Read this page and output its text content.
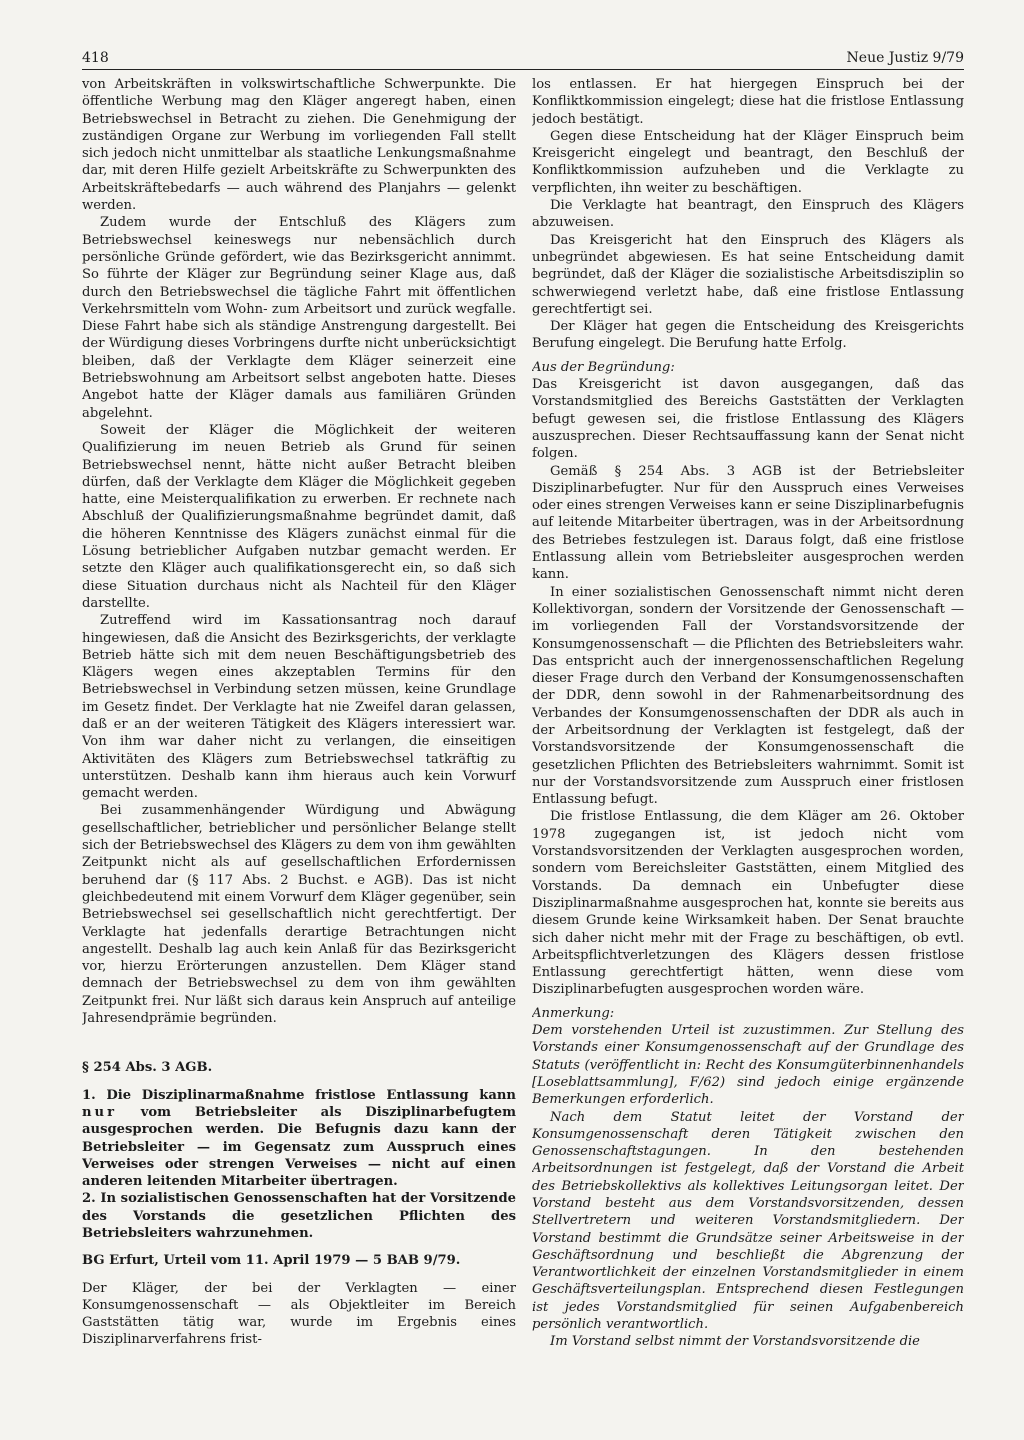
418	Neue Justiz 9/79

von Arbeitskräften in volkswirtschaftliche Schwerpunkte. Die öffentliche Werbung mag den Kläger angeregt haben, einen Betriebswechsel in Betracht zu ziehen. Die Genehmigung der zuständigen Organe zur Werbung im vorliegenden Fall stellt sich jedoch nicht unmittelbar als staatliche Lenkungsmaßnahme dar, mit deren Hilfe gezielt Arbeitskräfte zu Schwerpunkten des Arbeitskräftebedarfs — auch während des Planjahrs — gelenkt werden.

Zudem wurde der Entschluß des Klägers zum Betriebswechsel keineswegs nur nebensächlich durch persönliche Gründe gefördert, wie das Bezirksgericht annimmt. So führte der Kläger zur Begründung seiner Klage aus, daß durch den Betriebswechsel die tägliche Fahrt mit öffentlichen Verkehrsmitteln vom Wohn- zum Arbeitsort und zurück wegfalle. Diese Fahrt habe sich als ständige Anstrengung dargestellt. Bei der Würdigung dieses Vorbringens durfte nicht unberücksichtigt bleiben, daß der Verklagte dem Kläger seinerzeit eine Betriebswohnung am Arbeitsort selbst angeboten hatte. Dieses Angebot hatte der Kläger damals aus familiären Gründen abgelehnt.

Soweit der Kläger die Möglichkeit der weiteren Qualifizierung im neuen Betrieb als Grund für seinen Betriebswechsel nennt, hätte nicht außer Betracht bleiben dürfen, daß der Verklagte dem Kläger die Möglichkeit gegeben hatte, eine Meisterqualifikation zu erwerben. Er rechnete nach Abschluß der Qualifizierungsmaßnahme begründet damit, daß die höheren Kenntnisse des Klägers zunächst einmal für die Lösung betrieblicher Aufgaben nutzbar gemacht werden. Er setzte den Kläger auch qualifikationsgerecht ein, so daß sich diese Situation durchaus nicht als Nachteil für den Kläger darstellte.

Zutreffend wird im Kassationsantrag noch darauf hingewiesen, daß die Ansicht des Bezirksgerichts, der verklagte Betrieb hätte sich mit dem neuen Beschäftigungsbetrieb des Klägers wegen eines akzeptablen Termins für den Betriebswechsel in Verbindung setzen müssen, keine Grundlage im Gesetz findet. Der Verklagte hat nie Zweifel daran gelassen, daß er an der weiteren Tätigkeit des Klägers interessiert war. Von ihm war daher nicht zu verlangen, die einseitigen Aktivitäten des Klägers zum Betriebswechsel tatkräftig zu unterstützen. Deshalb kann ihm hieraus auch kein Vorwurf gemacht werden.

Bei zusammenhängender Würdigung und Abwägung gesellschaftlicher, betrieblicher und persönlicher Belange stellt sich der Betriebswechsel des Klägers zu dem von ihm gewählten Zeitpunkt nicht als auf gesellschaftlichen Erfordernissen beruhend dar (§ 117 Abs. 2 Buchst. e AGB). Das ist nicht gleichbedeutend mit einem Vorwurf dem Kläger gegenüber, sein Betriebswechsel sei gesellschaftlich nicht gerechtfertigt. Der Verklagte hat jedenfalls derartige Betrachtungen nicht angestellt. Deshalb lag auch kein Anlaß für das Bezirksgericht vor, hierzu Erörterungen anzustellen. Dem Kläger stand demnach der Betriebswechsel zu dem von ihm gewählten Zeitpunkt frei. Nur läßt sich daraus kein Anspruch auf anteilige Jahresendprämie begründen.

§ 254 Abs. 3 AGB.

1. Die Disziplinarmaßnahme fristlose Entlassung kann nur vom Betriebsleiter als Disziplinarbefugtem ausgesprochen werden. Die Befugnis dazu kann der Betriebsleiter — im Gegensatz zum Ausspruch eines Verweises oder strengen Verweises — nicht auf einen anderen leitenden Mitarbeiter übertragen.

2. In sozialistischen Genossenschaften hat der Vorsitzende des Vorstands die gesetzlichen Pflichten des Betriebsleiters wahrzunehmen.

BG Erfurt, Urteil vom 11. April 1979 — 5 BAB 9/79.

Der Kläger, der bei der Verklagten — einer Konsumgenossenschaft — als Objektleiter im Bereich Gaststätten tätig war, wurde im Ergebnis eines Disziplinarverfahrens frist-

los entlassen. Er hat hiergegen Einspruch bei der Konfliktkommission eingelegt; diese hat die fristlose Entlassung jedoch bestätigt.

Gegen diese Entscheidung hat der Kläger Einspruch beim Kreisgericht eingelegt und beantragt, den Beschluß der Konfliktkommission aufzuheben und die Verklagte zu verpflichten, ihn weiter zu beschäftigen.

Die Verklagte hat beantragt, den Einspruch des Klägers abzuweisen.

Das Kreisgericht hat den Einspruch des Klägers als unbegründet abgewiesen. Es hat seine Entscheidung damit begründet, daß der Kläger die sozialistische Arbeitsdisziplin so schwerwiegend verletzt habe, daß eine fristlose Entlassung gerechtfertigt sei.

Der Kläger hat gegen die Entscheidung des Kreisgerichts Berufung eingelegt. Die Berufung hatte Erfolg.

Aus der Begründung:

Das Kreisgericht ist davon ausgegangen, daß das Vorstandsmitglied des Bereichs Gaststätten der Verklagten befugt gewesen sei, die fristlose Entlassung des Klägers auszusprechen. Dieser Rechtsauffassung kann der Senat nicht folgen.

Gemäß § 254 Abs. 3 AGB ist der Betriebsleiter Disziplinarbefugter. Nur für den Ausspruch eines Verweises oder eines strengen Verweises kann er seine Disziplinarbefugnis auf leitende Mitarbeiter übertragen, was in der Arbeitsordnung des Betriebes festzulegen ist. Daraus folgt, daß eine fristlose Entlassung allein vom Betriebsleiter ausgesprochen werden kann.

In einer sozialistischen Genossenschaft nimmt nicht deren Kollektivorgan, sondern der Vorsitzende der Genossenschaft — im vorliegenden Fall der Vorstandsvorsitzende der Konsumgenossenschaft — die Pflichten des Betriebsleiters wahr. Das entspricht auch der innergenossenschaftlichen Regelung dieser Frage durch den Verband der Konsumgenossenschaften der DDR, denn sowohl in der Rahmenarbeitsordnung des Verbandes der Konsumgenossenschaften der DDR als auch in der Arbeitsordnung der Verklagten ist festgelegt, daß der Vorstandsvorsitzende der Konsumgenossenschaft die gesetzlichen Pflichten des Betriebsleiters wahrnimmt. Somit ist nur der Vorstandsvorsitzende zum Ausspruch einer fristlosen Entlassung befugt.

Die fristlose Entlassung, die dem Kläger am 26. Oktober 1978 zugegangen ist, ist jedoch nicht vom Vorstandsvorsitzenden der Verklagten ausgesprochen worden, sondern vom Bereichsleiter Gaststätten, einem Mitglied des Vorstands. Da demnach ein Unbefugter diese Disziplinarmaßnahme ausgesprochen hat, konnte sie bereits aus diesem Grunde keine Wirksamkeit haben. Der Senat brauchte sich daher nicht mehr mit der Frage zu beschäftigen, ob evtl. Arbeitspflichtverletzungen des Klägers dessen fristlose Entlassung gerechtfertigt hätten, wenn diese vom Disziplinarbefugten ausgesprochen worden wäre.

Anmerkung:

Dem vorstehenden Urteil ist zuzustimmen. Zur Stellung des Vorstands einer Konsumgenossenschaft auf der Grundlage des Statuts (veröffentlicht in: Recht des Konsumgüterbinnenhandels [Loseblattsammlung], F/62) sind jedoch einige ergänzende Bemerkungen erforderlich.

Nach dem Statut leitet der Vorstand der Konsumgenossenschaft deren Tätigkeit zwischen den Genossenschaftstagungen. In den bestehenden Arbeitsordnungen ist festgelegt, daß der Vorstand die Arbeit des Betriebskollektivs als kollektives Leitungsorgan leitet. Der Vorstand besteht aus dem Vorstandsvorsitzenden, dessen Stellvertretern und weiteren Vorstandsmitgliedern. Der Vorstand bestimmt die Grundsätze seiner Arbeitsweise in der Geschäftsordnung und beschließt die Abgrenzung der Verantwortlichkeit der einzelnen Vorstandsmitglieder in einem Geschäftsverteilungsplan. Entsprechend diesen Festlegungen ist jedes Vorstandsmitglied für seinen Aufgabenbereich persönlich verantwortlich.

Im Vorstand selbst nimmt der Vorstandsvorsitzende die
